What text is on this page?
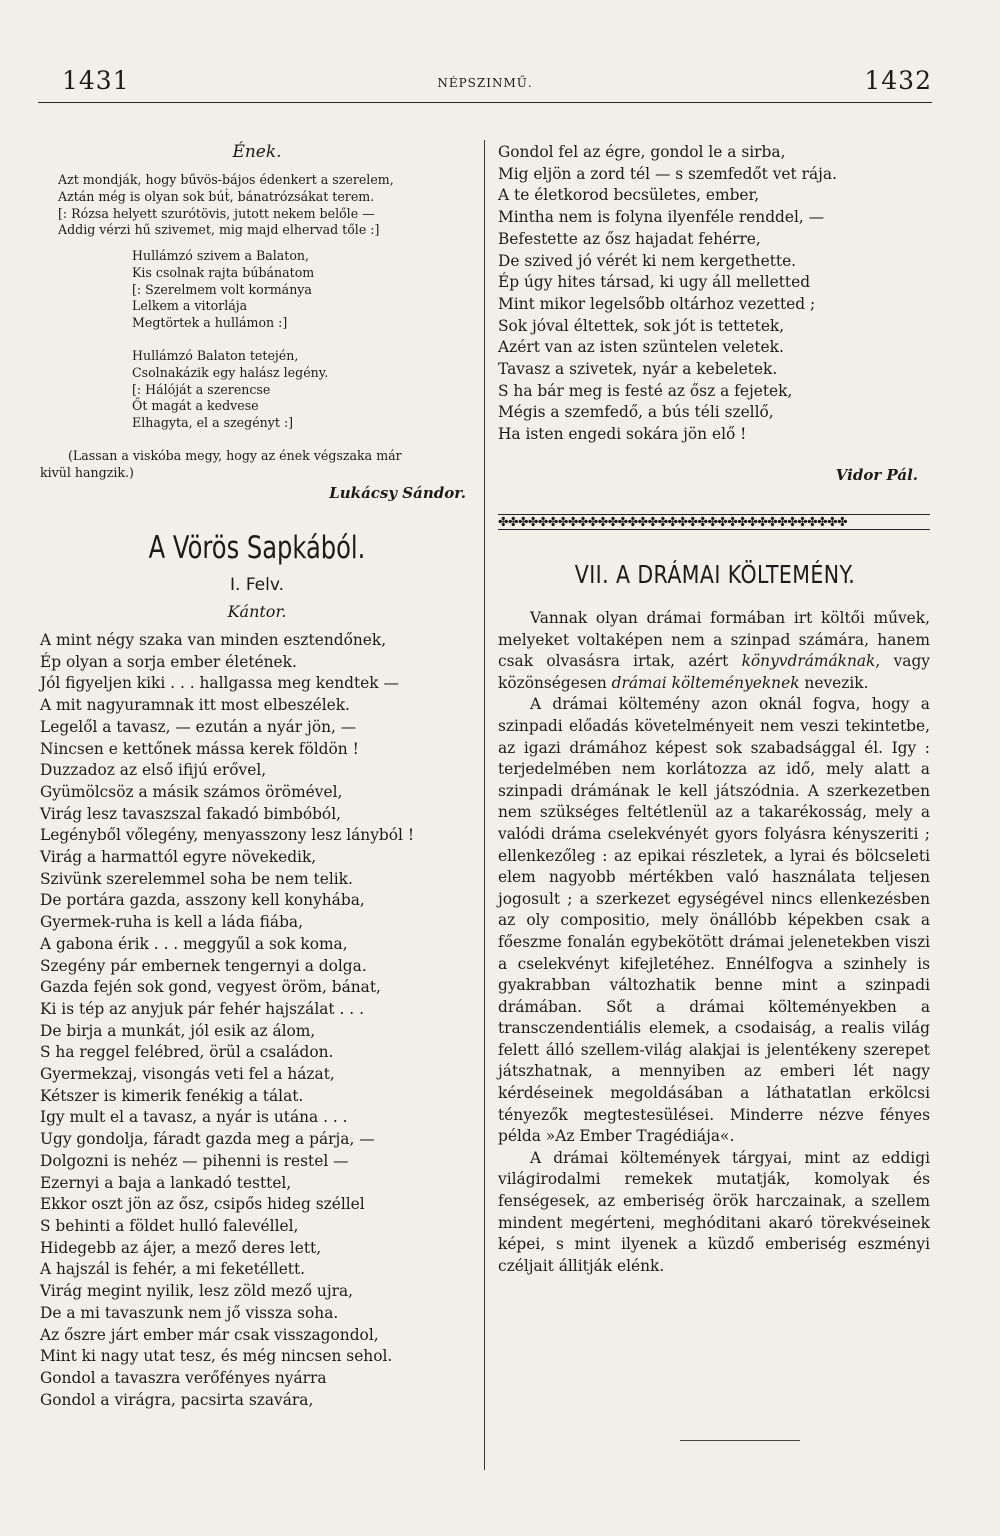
1431	NÉPSZINMŰ.	1432
Ének.
Azt mondják, hogy bűvös-bájos édenkert a szerelem,
Aztán még is olyan sok búṫ, bánatrózsákat terem.
[: Rózsa helyett szurótövis, jutott nekem belőle —
Addig vérzi hű szivemet, mig majd elhervad tőle :]
Hullámzó szivem a Balaton,
Kis csolnak rajta búbánatom
[: Szerelmem volt kormánya
Lelkem a vitorlája
Megtörtek a hullámon :]
Hullámzó Balaton tetején,
Csolnakázik egy halász legény.
[: Hálóját a szerencse
Őt magát a kedvese
Elhagyta, el a szegényt :]
(Lassan a viskóba megy, hogy az ének végszaka már
kivül hangzik.)
Lukácsy Sándor.
A Vörös Sapkából.
I. Felv.
Kántor.
A mint négy szaka van minden esztendőnek,
Ép olyan a sorja ember életének.
Jól figyeljen kiki . . . hallgassa meg kendtek —
A mit nagyuramnak itt most elbeszélek.
Legelől a tavasz, — ezután a nyár jön, —
Nincsen e kettőnek mássa kerek földön !
Duzzadoz az első ifijú erővel,
Gyümölcsöz a másik számos örömével,
Virág lesz tavaszszal fakadó bimbóból,
Legényből vőlegény, menyasszony lesz lányból !
Virág a harmattól egyre növekedik,
Szivünk szerelemmel soha be nem telik.
De portára gazda, asszony kell konyhába,
Gyermek-ruha is kell a láda fiába,
A gabona érik . . . meggyűl a sok koma,
Szegény pár embernek tengernyi a dolga.
Gazda fején sok gond, vegyest öröm, bánat,
Ki is tép az anyjuk pár fehér hajszálat . . .
De birja a munkát, jól esik az álom,
S ha reggel felébred, örül a családon.
Gyermekzaj, visongás veti fel a házat,
Kétszer is kimerik fenékig a tálat.
Igy mult el a tavasz, a nyár is utána . . .
Ugy gondolja, fáradt gazda meg a párja, —
Dolgozni is nehéz — pihenni is restel —
Ezernyi a baja a lankadó testtel,
Ekkor oszt jön az ősz, csipős hideg széllel
S behinti a földet hulló falevéllel,
Hidegebb az ájer, a mező deres lett,
A hajszál is fehér, a mi feketéllett.
Virág megint nyilik, lesz zöld mező ujra,
De a mi tavaszunk nem jő vissza soha.
Az őszre járt ember már csak visszagondol,
Mint ki nagy utat tesz, és még nincsen sehol.
Gondol a tavaszra verőfényes nyárra
Gondol a virágra, pacsirta szavára,
Gondol fel az égre, gondol le a sirba,
Mig eljön a zord tél — s szemfedőt vet rája.
A te életkorod becsületes, ember,
Mintha nem is folyna ilyenféle renddel, —
Befestette az ősz hajadat fehérre,
De szived jó vérét ki nem kergethette.
Ép úgy hites társad, ki ugy áll melletted
Mint mikor legelsőbb oltárhoz vezetted ;
Sok jóval éltettek, sok jót is tettetek,
Azért van az isten szüntelen veletek.
Tavasz a szivetek, nyár a kebeletek.
S ha bár meg is festé az ősz a fejetek,
Mégis a szemfedő, a bús téli szellő,
Ha isten engedi sokára jön elő !
Vidor Pál.
✤✤✤✤✤✤✤✤✤✤✤✤✤✤✤✤✤✤✤✤✤✤✤✤✤✤✤✤✤✤✤✤✤✤✤
VII. A DRÁMAI KÖLTEMÉNY.

Vannak olyan drámai formában irt költői művek, melyeket voltaképen nem a szinpad számára, hanem csak olvasásra irtak, azért könyvdrámáknak, vagy közönségesen drámai költeményeknek nevezik.

A drámai költemény azon oknál fogva, hogy a szinpadi előadás követelményeit nem veszi tekintetbe, az igazi drámához képest sok szabadsággal él. Igy : terjedelmében nem korlátozza az idő, mely alatt a szinpadi drámának le kell játszódnia. A szerkezetben nem szükséges feltétlenül az a takarékosság, mely a valódi dráma cselekvényét gyors folyásra kényszeriti ; ellenkezőleg : az epikai részletek, a lyrai és bölcseleti elem nagyobb mértékben való használata teljesen jogosult ; a szerkezet egységével nincs ellenkezésben az oly compositio, mely önállóbb képekben csak a főeszme fonalán egybekötött drámai jelenetekben viszi a cselekvényt kifejletéhez. Ennélfogva a szinhely is gyakrabban változhatik benne mint a szinpadi drámában. Sőt a drámai költeményekben a transczendentiális elemek, a csodaiság, a realis világ felett álló szellem-világ alakjai is jelentékeny szerepet játszhatnak, a mennyiben az emberi lét nagy kérdéseinek megoldásában a láthatatlan erkölcsi tényezők megtestesülései. Minderre nézve fényes példa »Az Ember Tragédiája«.

A drámai költemények tárgyai, mint az eddigi világirodalmi remekek mutatják, komolyak és fenségesek, az emberiség örök harczainak, a szellem mindent megérteni, meghóditani akaró törekvéseinek képei, s mint ilyenek a küzdő emberiség eszményi czéljait állitják elénk.
